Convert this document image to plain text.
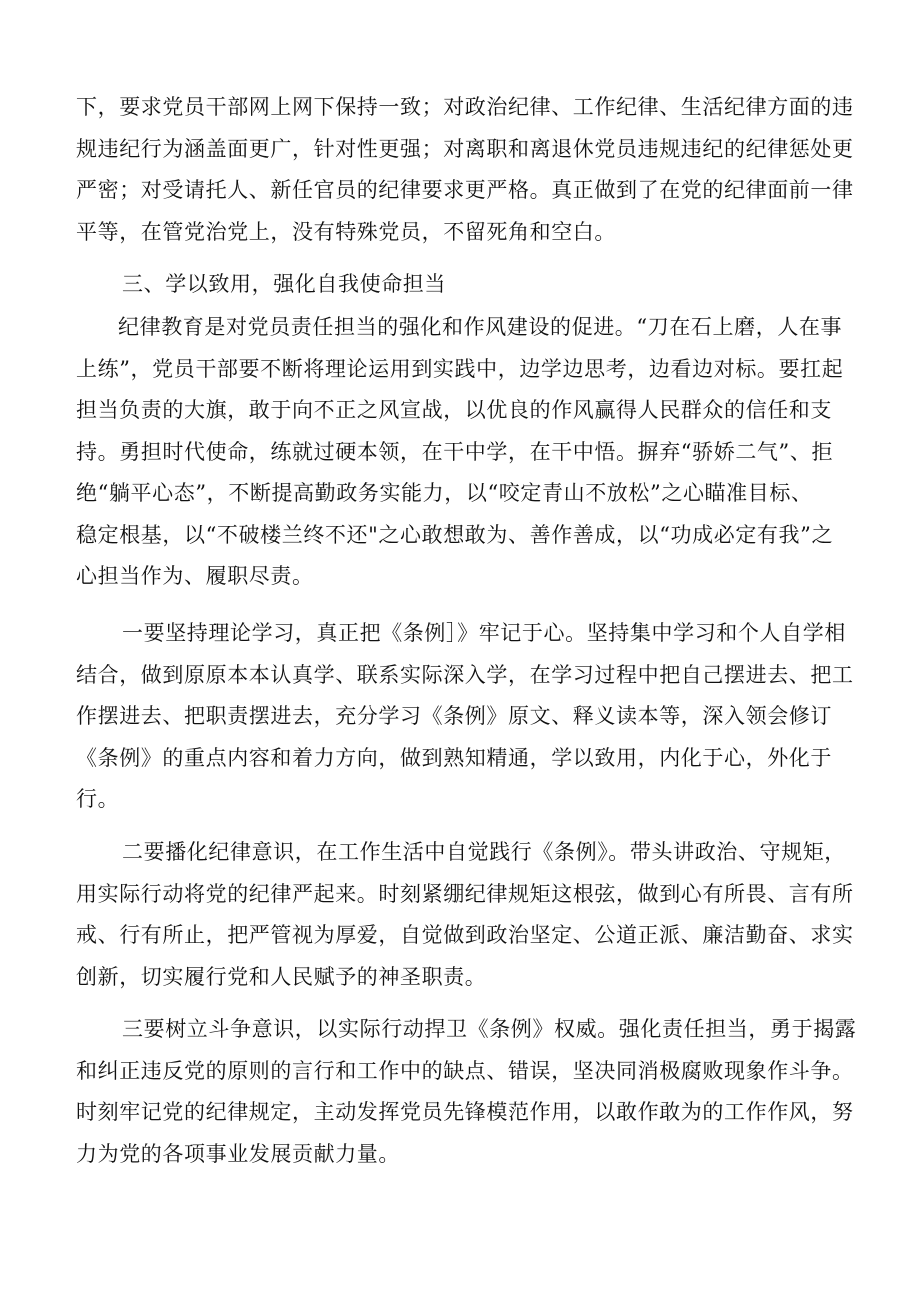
下，要求党员干部网上网下保持一致；对政治纪律、工作纪律、生活纪律方面的违
规违纪行为涵盖面更广，针对性更强；对离职和离退休党员违规违纪的纪律惩处更
严密；对受请托人、新任官员的纪律要求更严格。真正做到了在党的纪律面前一律
平等，在管党治党上，没有特殊党员，不留死角和空白。
三、学以致用，强化自我使命担当
纪律教育是对党员责任担当的强化和作风建设的促进。“刀在石上磨，人在事
上练”，党员干部要不断将理论运用到实践中，边学边思考，边看边对标。要扛起
担当负责的大旗，敢于向不正之风宣战，以优良的作风赢得人民群众的信任和支
持。勇担时代使命，练就过硬本领，在干中学，在干中悟。摒弃“骄娇二气”、拒
绝“躺平心态”，不断提高勤政务实能力，以“咬定青山不放松”之心瞄准目标、
稳定根基，以“不破楼兰终不还"之心敢想敢为、善作善成，以“功成必定有我”之
心担当作为、履职尽责。
一要坚持理论学习，真正把《条例］》牢记于心。坚持集中学习和个人自学相
结合，做到原原本本认真学、联系实际深入学，在学习过程中把自己摆进去、把工
作摆进去、把职责摆进去，充分学习《条例》原文、释义读本等，深入领会修订
《条例》的重点内容和着力方向，做到熟知精通，学以致用，内化于心，外化于
行。
二要播化纪律意识，在工作生活中自觉践行《条例》。带头讲政治、守规矩，
用实际行动将党的纪律严起来。时刻紧绷纪律规矩这根弦，做到心有所畏、言有所
戒、行有所止，把严管视为厚爱，自觉做到政治坚定、公道正派、廉洁勤奋、求实
创新，切实履行党和人民赋予的神圣职责。
三要树立斗争意识，以实际行动捍卫《条例》权威。强化责任担当，勇于揭露
和纠正违反党的原则的言行和工作中的缺点、错误，坚决同消极腐败现象作斗争。
时刻牢记党的纪律规定，主动发挥党员先锋模范作用，以敢作敢为的工作作风，努
力为党的各项事业发展贡献力量。
